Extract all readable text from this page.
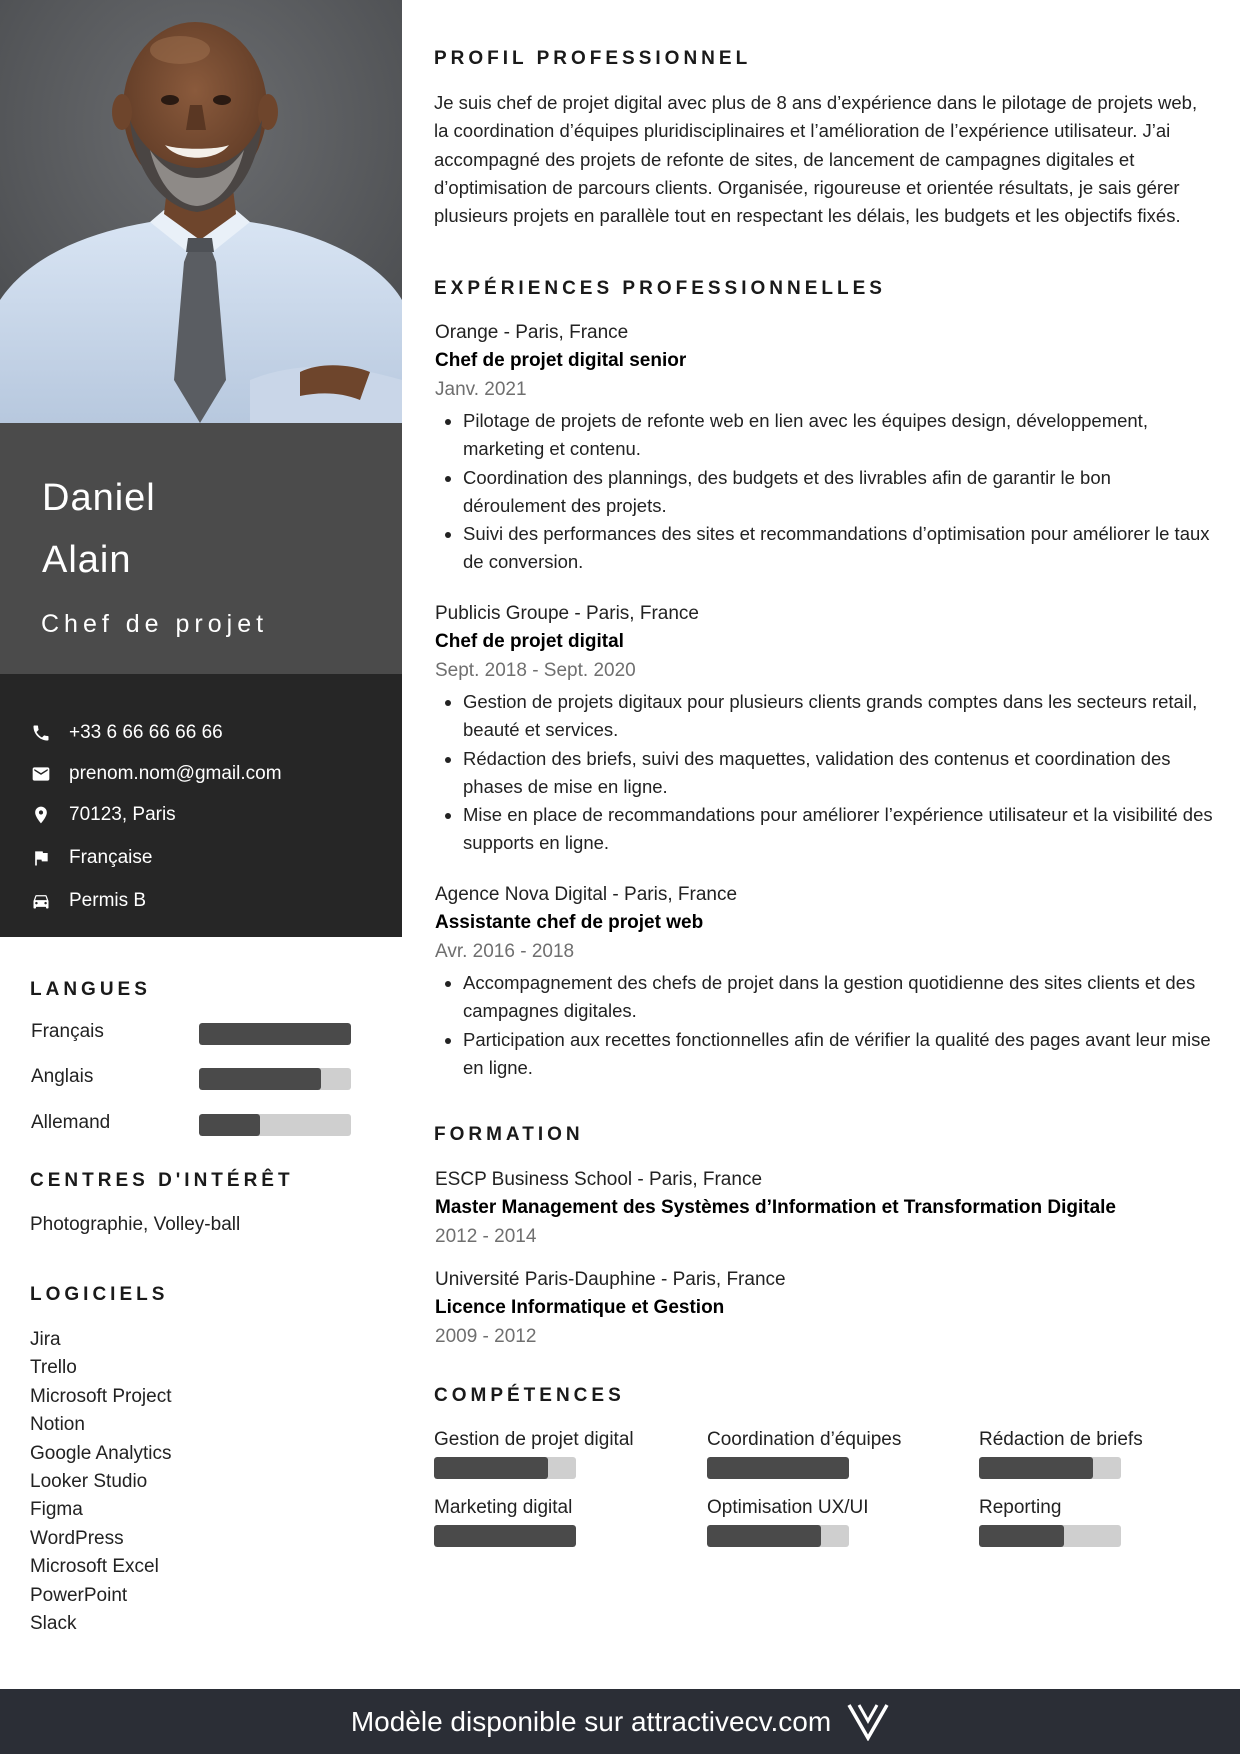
Daniel
Alain
Chef de projet
+33 6 66 66 66 66
prenom.nom@gmail.com
70123, Paris
Française
Permis B
LANGUES
Français
Anglais
Allemand
CENTRES D'INTÉRÊT
Photographie, Volley-ball
LOGICIELS
Jira
Trello
Microsoft Project
Notion
Google Analytics
Looker Studio
Figma
WordPress
Microsoft Excel
PowerPoint
Slack
PROFIL PROFESSIONNEL

Je suis chef de projet digital avec plus de 8 ans d’expérience dans le pilotage de projets web, la coordination d’équipes pluridisciplinaires et l’amélioration de l’expérience utilisateur. J’ai accompagné des projets de refonte de sites, de lancement de campagnes digitales et d’optimisation de parcours clients. Organisée, rigoureuse et orientée résultats, je sais gérer plusieurs projets en parallèle tout en respectant les délais, les budgets et les objectifs fixés.

EXPÉRIENCES PROFESSIONNELLES
Orange - Paris, France
Chef de projet digital senior
Janv. 2021
• Pilotage de projets de refonte web en lien avec les équipes design, développement, marketing et contenu.
• Coordination des plannings, des budgets et des livrables afin de garantir le bon déroulement des projets.
• Suivi des performances des sites et recommandations d’optimisation pour améliorer le taux de conversion.
Publicis Groupe - Paris, France
Chef de projet digital
Sept. 2018 - Sept. 2020
• Gestion de projets digitaux pour plusieurs clients grands comptes dans les secteurs retail, beauté et services.
• Rédaction des briefs, suivi des maquettes, validation des contenus et coordination des phases de mise en ligne.
• Mise en place de recommandations pour améliorer l’expérience utilisateur et la visibilité des supports en ligne.
Agence Nova Digital - Paris, France
Assistante chef de projet web
Avr. 2016 - 2018
• Accompagnement des chefs de projet dans la gestion quotidienne des sites clients et des campagnes digitales.
• Participation aux recettes fonctionnelles afin de vérifier la qualité des pages avant leur mise en ligne.
FORMATION
ESCP Business School - Paris, France
Master Management des Systèmes d’Information et Transformation Digitale
2012 - 2014
Université Paris-Dauphine - Paris, France
Licence Informatique et Gestion
2009 - 2012
COMPÉTENCES
Gestion de projet digital	Coordination d’équipes	Rédaction de briefs
Marketing digital	Optimisation UX/UI	Reporting
Modèle disponible sur attractivecv.com
